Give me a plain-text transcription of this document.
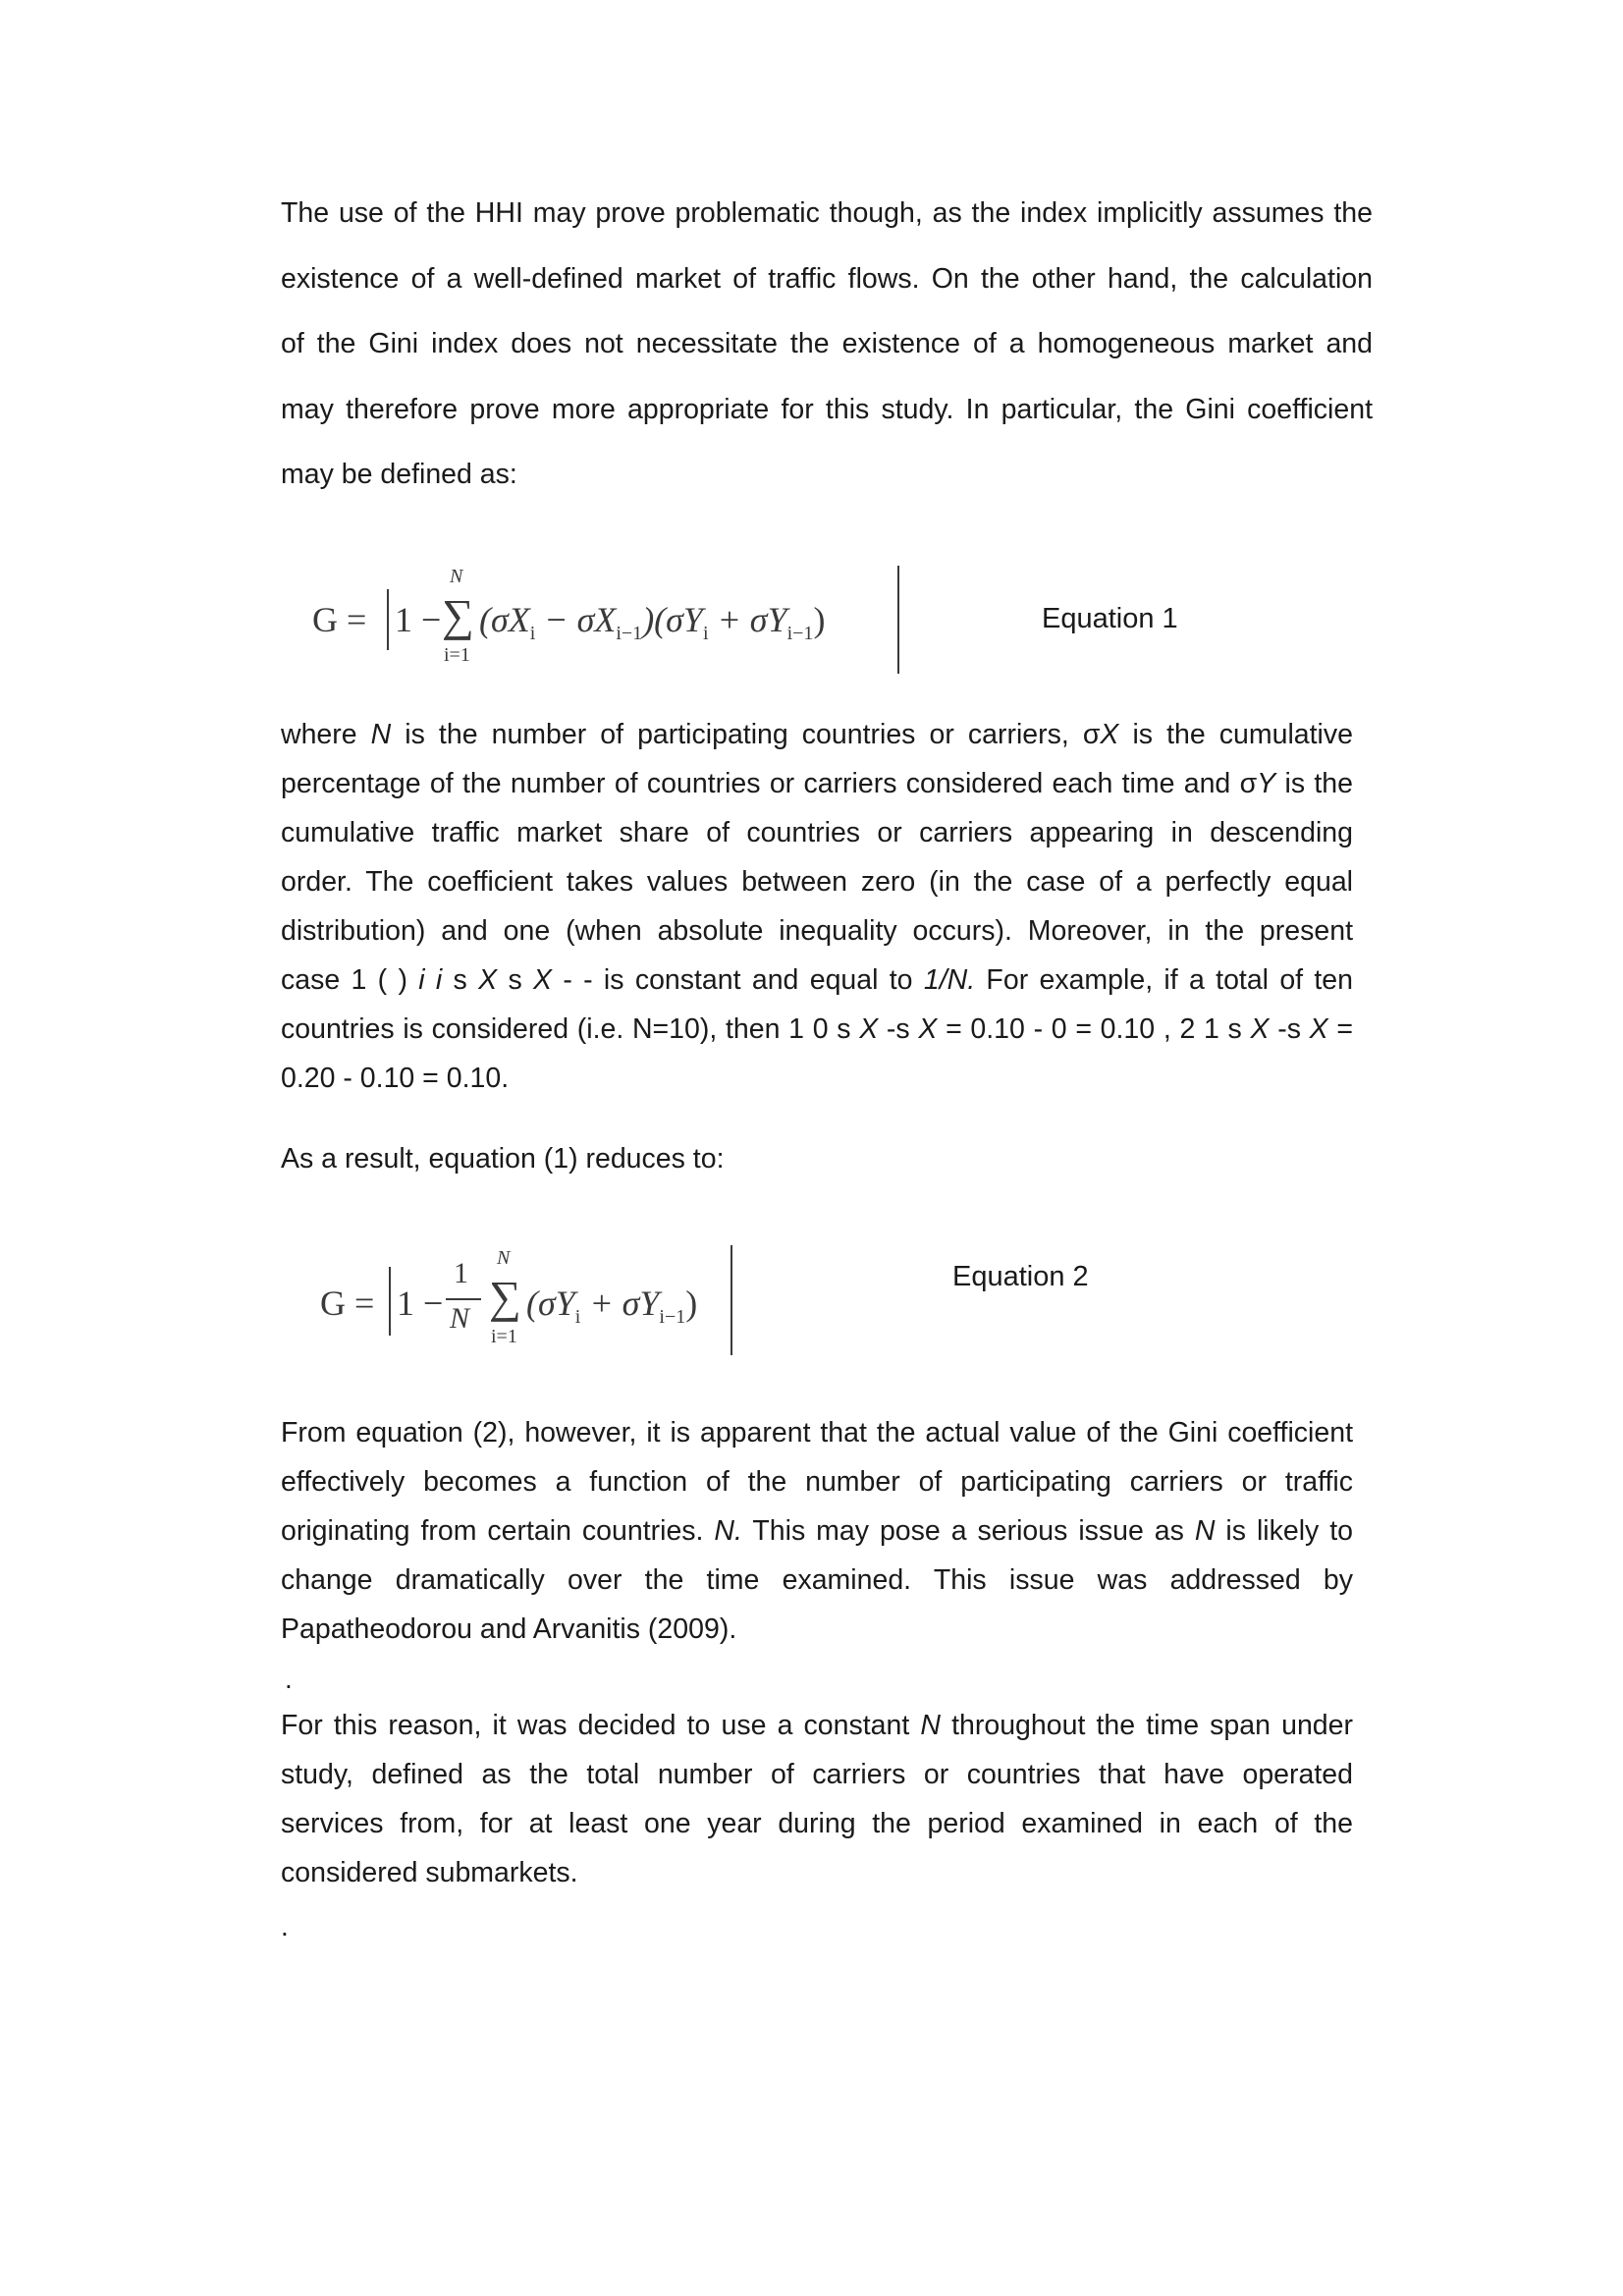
The use of the HHI may prove problematic though, as the index implicitly assumes the
existence of a well-defined market of traffic flows. On the other hand, the calculation
of the Gini index does not necessitate the existence of a homogeneous market and
may therefore prove more appropriate for this study. In particular, the Gini coefficient
may be defined as:
G = 1 −
N
∑
i=1
$(\sigma X_i - \sigma X_{i-1})(\sigma Y_i + \sigma Y_{i-1})$	Equation 1
where N is the number of participating countries or carriers, σX is the cumulative
percentage of the number of countries or carriers considered each time and σY is the
cumulative traffic market share of countries or carriers appearing in descending
order. The coefficient takes values between zero (in the case of a perfectly equal
distribution) and one (when absolute inequality occurs). Moreover, in the present
case 1 ( ) i i s X s X - - is constant and equal to 1/N. For example, if a total of ten
countries is considered (i.e. N=10), then 1 0 s X -s X = 0.10 - 0 = 0.10 , 2 1 s X -s X =
0.20 - 0.10 = 0.10.
As a result, equation (1) reduces to:
G = 1 −
1
N
N
∑
i=1
$(\sigma Y_i + \sigma Y_{i-1})$
Equation 2
From equation (2), however, it is apparent that the actual value of the Gini coefficient
effectively becomes a function of the number of participating carriers or traffic
originating from certain countries. N. This may pose a serious issue as N is likely to
change dramatically over the time examined. This issue was addressed by
Papatheodorou and Arvanitis (2009).
.
For this reason, it was decided to use a constant N throughout the time span under
study, defined as the total number of carriers or countries that have operated
services from, for at least one year during the period examined in each of the
considered submarkets.
.
